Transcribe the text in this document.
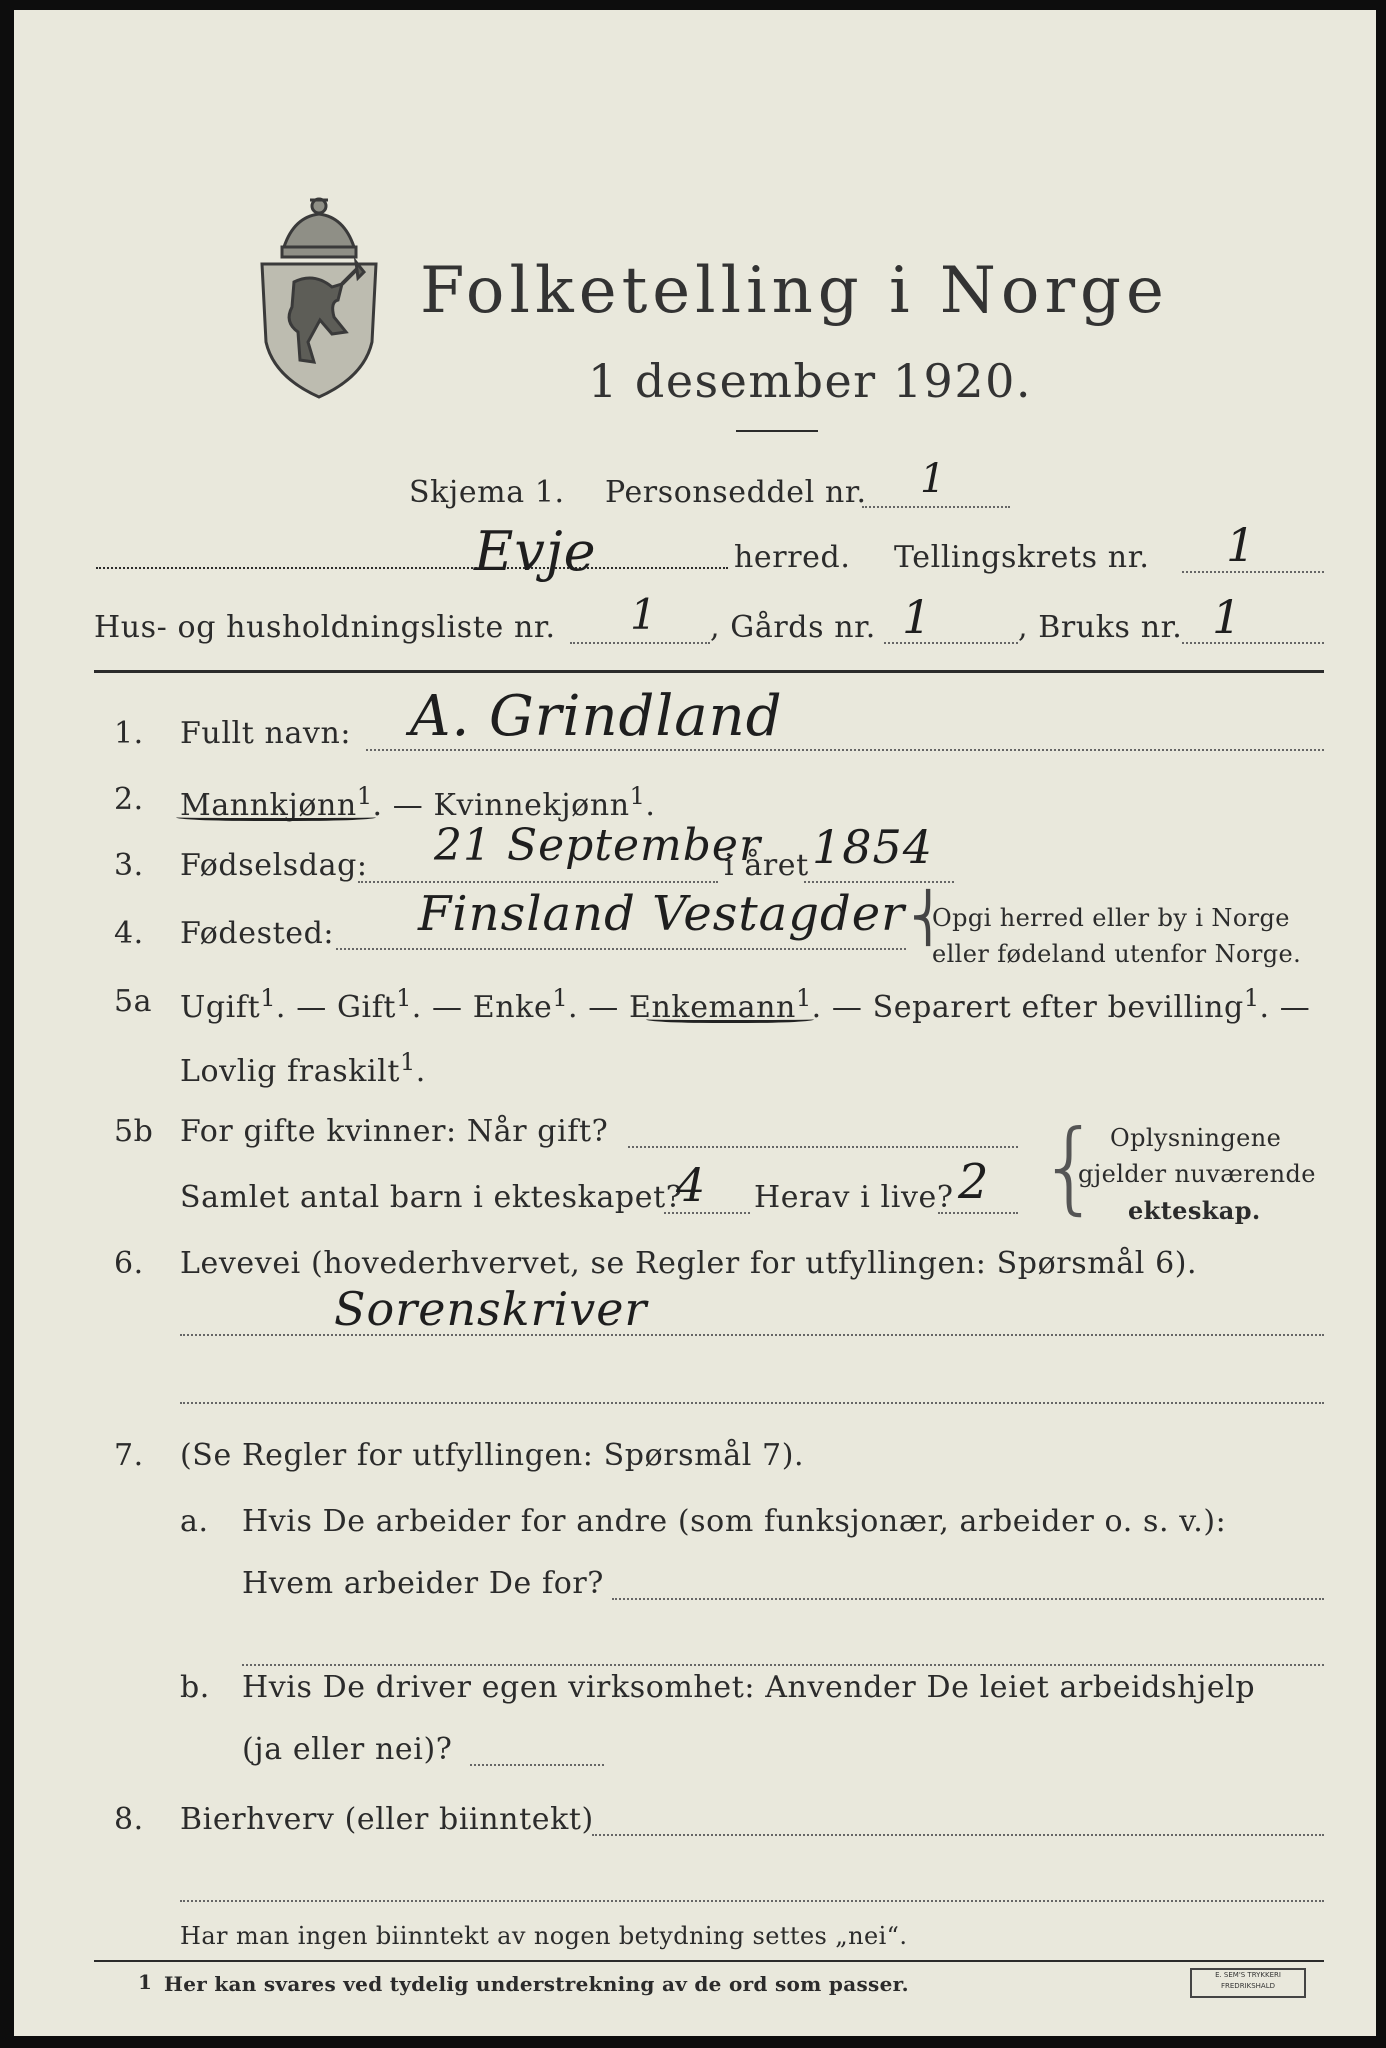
Folketelling i Norge
1 desember 1920.
Skjema 1. Personseddel nr. 1
Evje	herred. Tellingskrets nr. 1
Hus- og husholdningsliste nr. 1 , Gårds nr. 1	, Bruks nr. 1
1. Fullt navn: A. Grindland
2. Mannkjønn$^1$. — Kvinnekjønn$^1$.
3. Fødselsdag: 21 September
i året 1854
4. Fødested: Finsland Vestagder ⎨
Opgi herred eller by i Norge
eller fødeland utenfor Norge.
5a Ugift$^1$. — Gift$^1$. — Enke$^1$. — Enkemann$^1$. — Separert efter bevilling$^1$. —
Lovlig fraskilt$^1$.
5b For gifte kvinner: Når gift?
Samlet antal barn i ekteskapet?
4 Herav i live? 2 { Oplysningene
gjelder nuværende
ekteskap.
6. Levevei (hovederhvervet, se Regler for utfyllingen: Spørsmål 6).
Sorenskriver
7. (Se Regler for utfyllingen: Spørsmål 7).
a. Hvis De arbeider for andre (som funksjonær, arbeider o. s. v.):
Hvem arbeider De for?
b. Hvis De driver egen virksomhet: Anvender De leiet arbeidshjelp
(ja eller nei)?
8. Bierhverv (eller biinntekt)
Har man ingen biinntekt av nogen betydning settes „nei“.
1 Her kan svares ved tydelig understrekning av de ord som passer.	E. SEM'S TRYKKERI
FREDRIKSHALD
